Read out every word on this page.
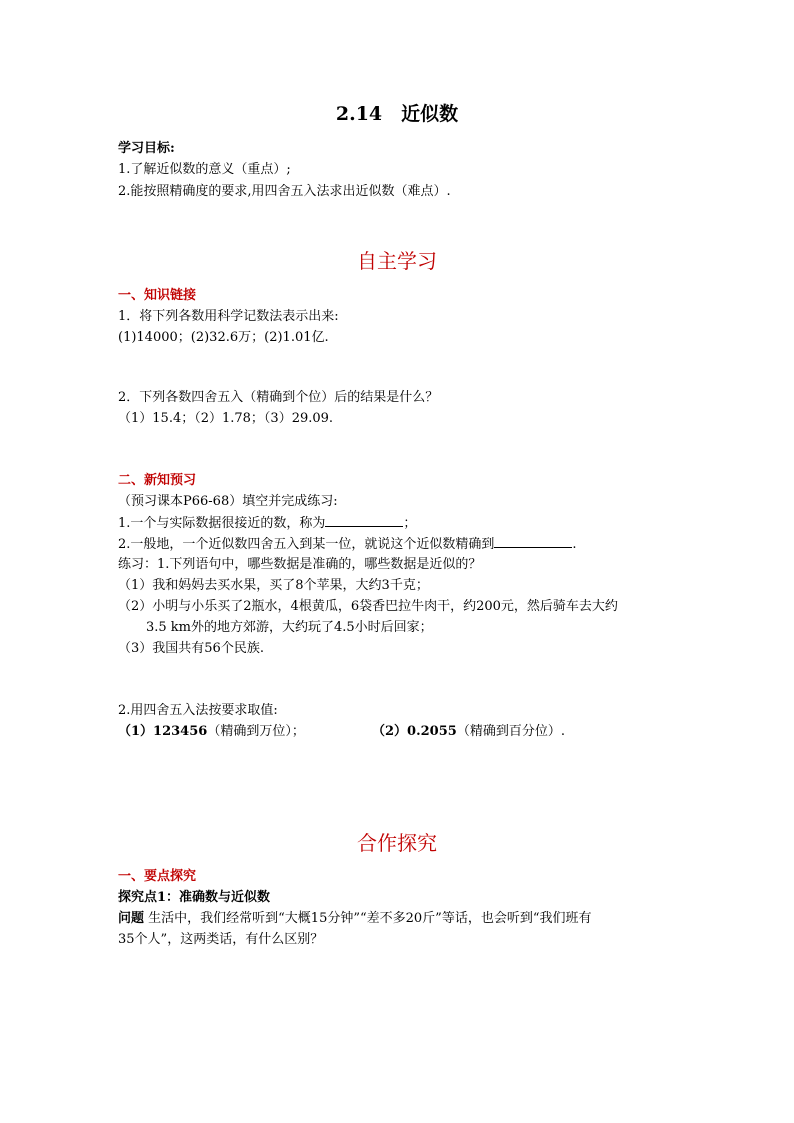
2.14　近似数
学习目标:
1.了解近似数的意义（重点）;
2.能按照精确度的要求,用四舍五入法求出近似数（难点）.
自主学习
一、知识链接
1．将下列各数用科学记数法表示出来:
(1)14000；(2)32.6万；(2)1.01亿.
2．下列各数四舍五入（精确到个位）后的结果是什么？
（1）15.4；（2）1.78；（3）29.09.
二、新知预习
（预习课本P66-68）填空并完成练习:
1.一个与实际数据很接近的数，称为	；
2.一般地，一个近似数四舍五入到某一位，就说这个近似数精确到	.
练习：1.下列语句中，哪些数据是准确的，哪些数据是近似的？
（1）我和妈妈去买水果，买了8个苹果，大约3千克；
（2）小明与小乐买了2瓶水，4根黄瓜，6袋香巴拉牛肉干，约200元，然后骑车去大约
3.5 km外的地方郊游，大约玩了4.5小时后回家；
（3）我国共有56个民族.
2.用四舍五入法按要求取值:
（1）123456（精确到万位）；	（2）0.2055（精确到百分位）.
合作探究
一、要点探究
探究点1：准确数与近似数
问题 生活中，我们经常听到“大概15分钟”“差不多20斤”等话，也会听到“我们班有
35个人”，这两类话，有什么区别？
